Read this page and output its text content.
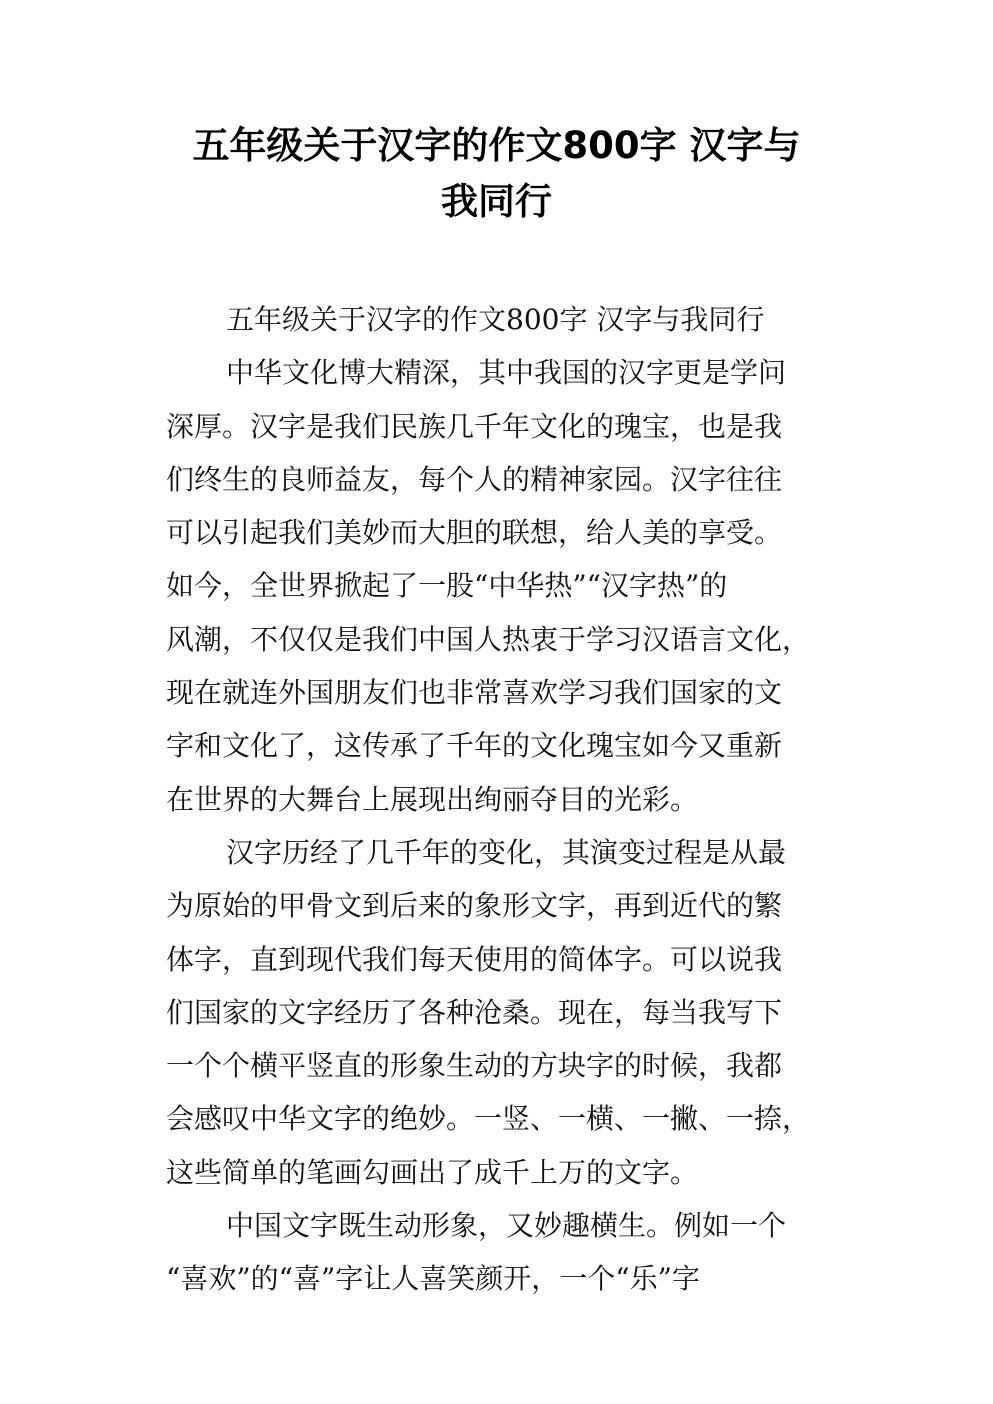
五年级关于汉字的作文800字 汉字与
我同行
五年级关于汉字的作文800字 汉字与我同行
中华文化博大精深，其中我国的汉字更是学问
深厚。汉字是我们民族几千年文化的瑰宝，也是我
们终生的良师益友，每个人的精神家园。汉字往往
可以引起我们美妙而大胆的联想，给人美的享受。
如今，全世界掀起了一股“中华热”“汉字热”的
风潮，不仅仅是我们中国人热衷于学习汉语言文化，
现在就连外国朋友们也非常喜欢学习我们国家的文
字和文化了，这传承了千年的文化瑰宝如今又重新
在世界的大舞台上展现出绚丽夺目的光彩。
汉字历经了几千年的变化，其演变过程是从最
为原始的甲骨文到后来的象形文字，再到近代的繁
体字，直到现代我们每天使用的简体字。可以说我
们国家的文字经历了各种沧桑。现在，每当我写下
一个个横平竖直的形象生动的方块字的时候，我都
会感叹中华文字的绝妙。一竖、一横、一撇、一捺，
这些简单的笔画勾画出了成千上万的文字。
中国文字既生动形象，又妙趣横生。例如一个
“喜欢”的“喜”字让人喜笑颜开，一个“乐”字
